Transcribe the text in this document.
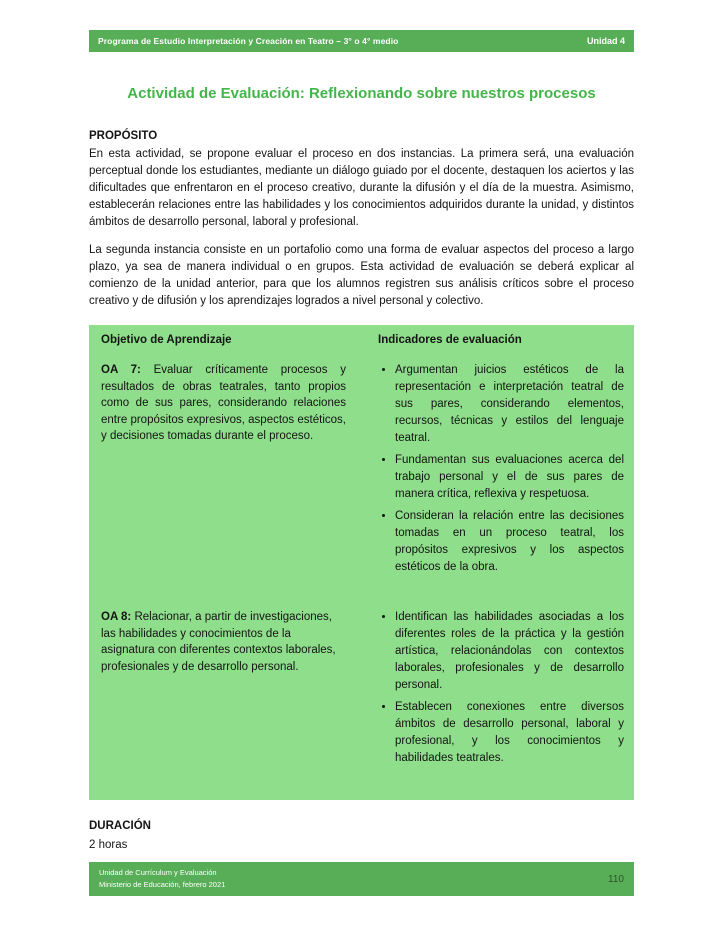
Programa de Estudio Interpretación y Creación en Teatro – 3° o 4° medio	Unidad 4
Actividad de Evaluación: Reflexionando sobre nuestros procesos
PROPÓSITO

En esta actividad, se propone evaluar el proceso en dos instancias. La primera será, una evaluación perceptual donde los estudiantes, mediante un diálogo guiado por el docente, destaquen los aciertos y las dificultades que enfrentaron en el proceso creativo, durante la difusión y el día de la muestra. Asimismo, establecerán relaciones entre las habilidades y los conocimientos adquiridos durante la unidad, y distintos ámbitos de desarrollo personal, laboral y profesional.

La segunda instancia consiste en un portafolio como una forma de evaluar aspectos del proceso a largo plazo, ya sea de manera individual o en grupos. Esta actividad de evaluación se deberá explicar al comienzo de la unidad anterior, para que los alumnos registren sus análisis críticos sobre el proceso creativo y de difusión y los aprendizajes logrados a nivel personal y colectivo.

Objetivo de Aprendizaje	Indicadores de evaluación
OA 7: Evaluar críticamente procesos y resultados de obras teatrales, tanto propios como de sus pares, considerando relaciones entre propósitos expresivos, aspectos estéticos, y decisiones tomadas durante el proceso.
• Argumentan juicios estéticos de la representación e interpretación teatral de sus pares, considerando elementos, recursos, técnicas y estilos del lenguaje teatral.
• Fundamentan sus evaluaciones acerca del trabajo personal y el de sus pares de manera crítica, reflexiva y respetuosa.
• Consideran la relación entre las decisiones tomadas en un proceso teatral, los propósitos expresivos y los aspectos estéticos de la obra.
OA 8: Relacionar, a partir de investigaciones, las habilidades y conocimientos de la asignatura con diferentes contextos laborales, profesionales y de desarrollo personal.
• Identifican las habilidades asociadas a los diferentes roles de la práctica y la gestión artística, relacionándolas con contextos laborales, profesionales y de desarrollo personal.
• Establecen conexiones entre diversos ámbitos de desarrollo personal, laboral y profesional, y los conocimientos y habilidades teatrales.
DURACIÓN
2 horas
Unidad de Currículum y Evaluación
Ministerio de Educación, febrero 2021	110
